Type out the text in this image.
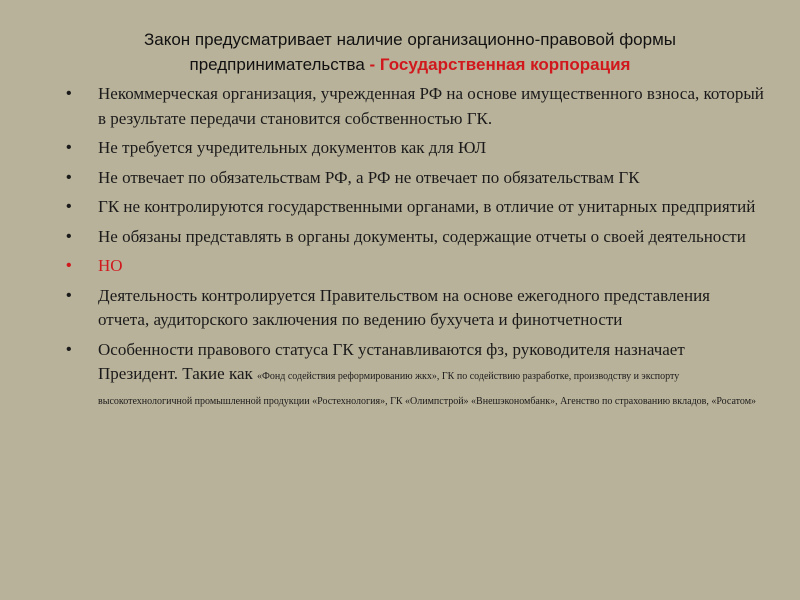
Закон предусматривает наличие организационно-правовой формы
предпринимательства - Государственная корпорация
• Некоммерческая организация, учрежденная РФ на основе имущественного взноса, который в результате передачи становится собственностью ГК.
• Не требуется учредительных документов как для ЮЛ
• Не отвечает по обязательствам РФ, а РФ не отвечает по обязательствам ГК
• ГК не контролируются государственными органами, в отличие от унитарных предприятий
• Не обязаны представлять в органы документы, содержащие отчеты о своей деятельности
• НО
• Деятельность контролируется Правительством на основе ежегодного представления отчета, аудиторского заключения по ведению бухучета и финотчетности
• Особенности правового статуса ГК устанавливаются фз, руководителя назначает Президент. Такие как «Фонд содействия реформированию жкх», ГК по содействию разработке, производству и экспорту высокотехнологичной промышленной продукции «Ростехнология», ГК «Олимпстрой» «Внешэкономбанк», Агенство по страхованию вкладов, «Росатом»
